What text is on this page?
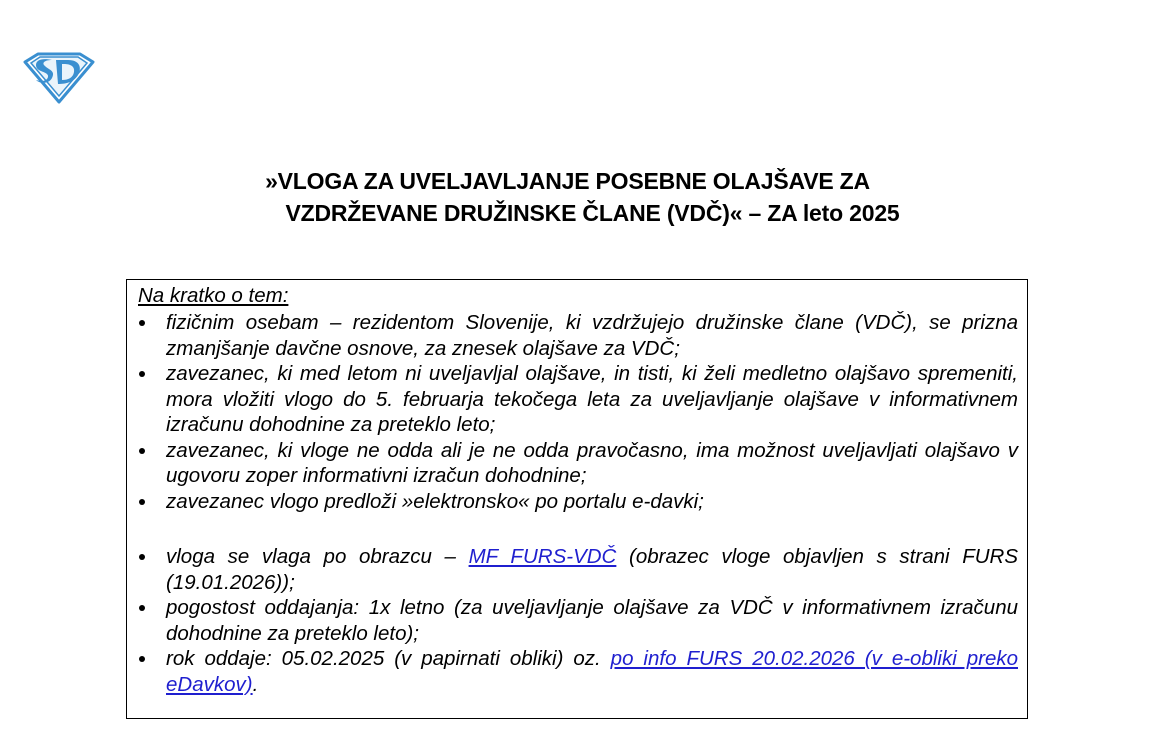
»VLOGA ZA UVELJAVLJANJE POSEBNE OLAJŠAVE ZA
VZDRŽEVANE DRUŽINSKE ČLANE (VDČ)« – ZA leto 2025
Na kratko o tem:
fizičnim osebam – rezidentom Slovenije, ki vzdržujejo družinske člane (VDČ), se prizna zmanjšanje davčne osnove, za znesek olajšave za VDČ;
zavezanec, ki med letom ni uveljavljal olajšave, in tisti, ki želi medletno olajšavo spremeniti, mora vložiti vlogo do 5. februarja tekočega leta za uveljavljanje olajšave v informativnem izračunu dohodnine za preteklo leto;
zavezanec, ki vloge ne odda ali je ne odda pravočasno, ima možnost uveljavljati olajšavo v ugovoru zoper informativni izračun dohodnine;
zavezanec vlogo predloži »elektronsko« po portalu e-davki;
vloga se vlaga po obrazcu – MF FURS-VDČ (obrazec vloge objavljen s strani FURS (19.01.2026));
pogostost oddajanja: 1x letno (za uveljavljanje olajšave za VDČ v informativnem izračunu dohodnine za preteklo leto);
rok oddaje: 05.02.2025 (v papirnati obliki) oz. po info FURS 20.02.2026 (v e-obliki preko eDavkov).
